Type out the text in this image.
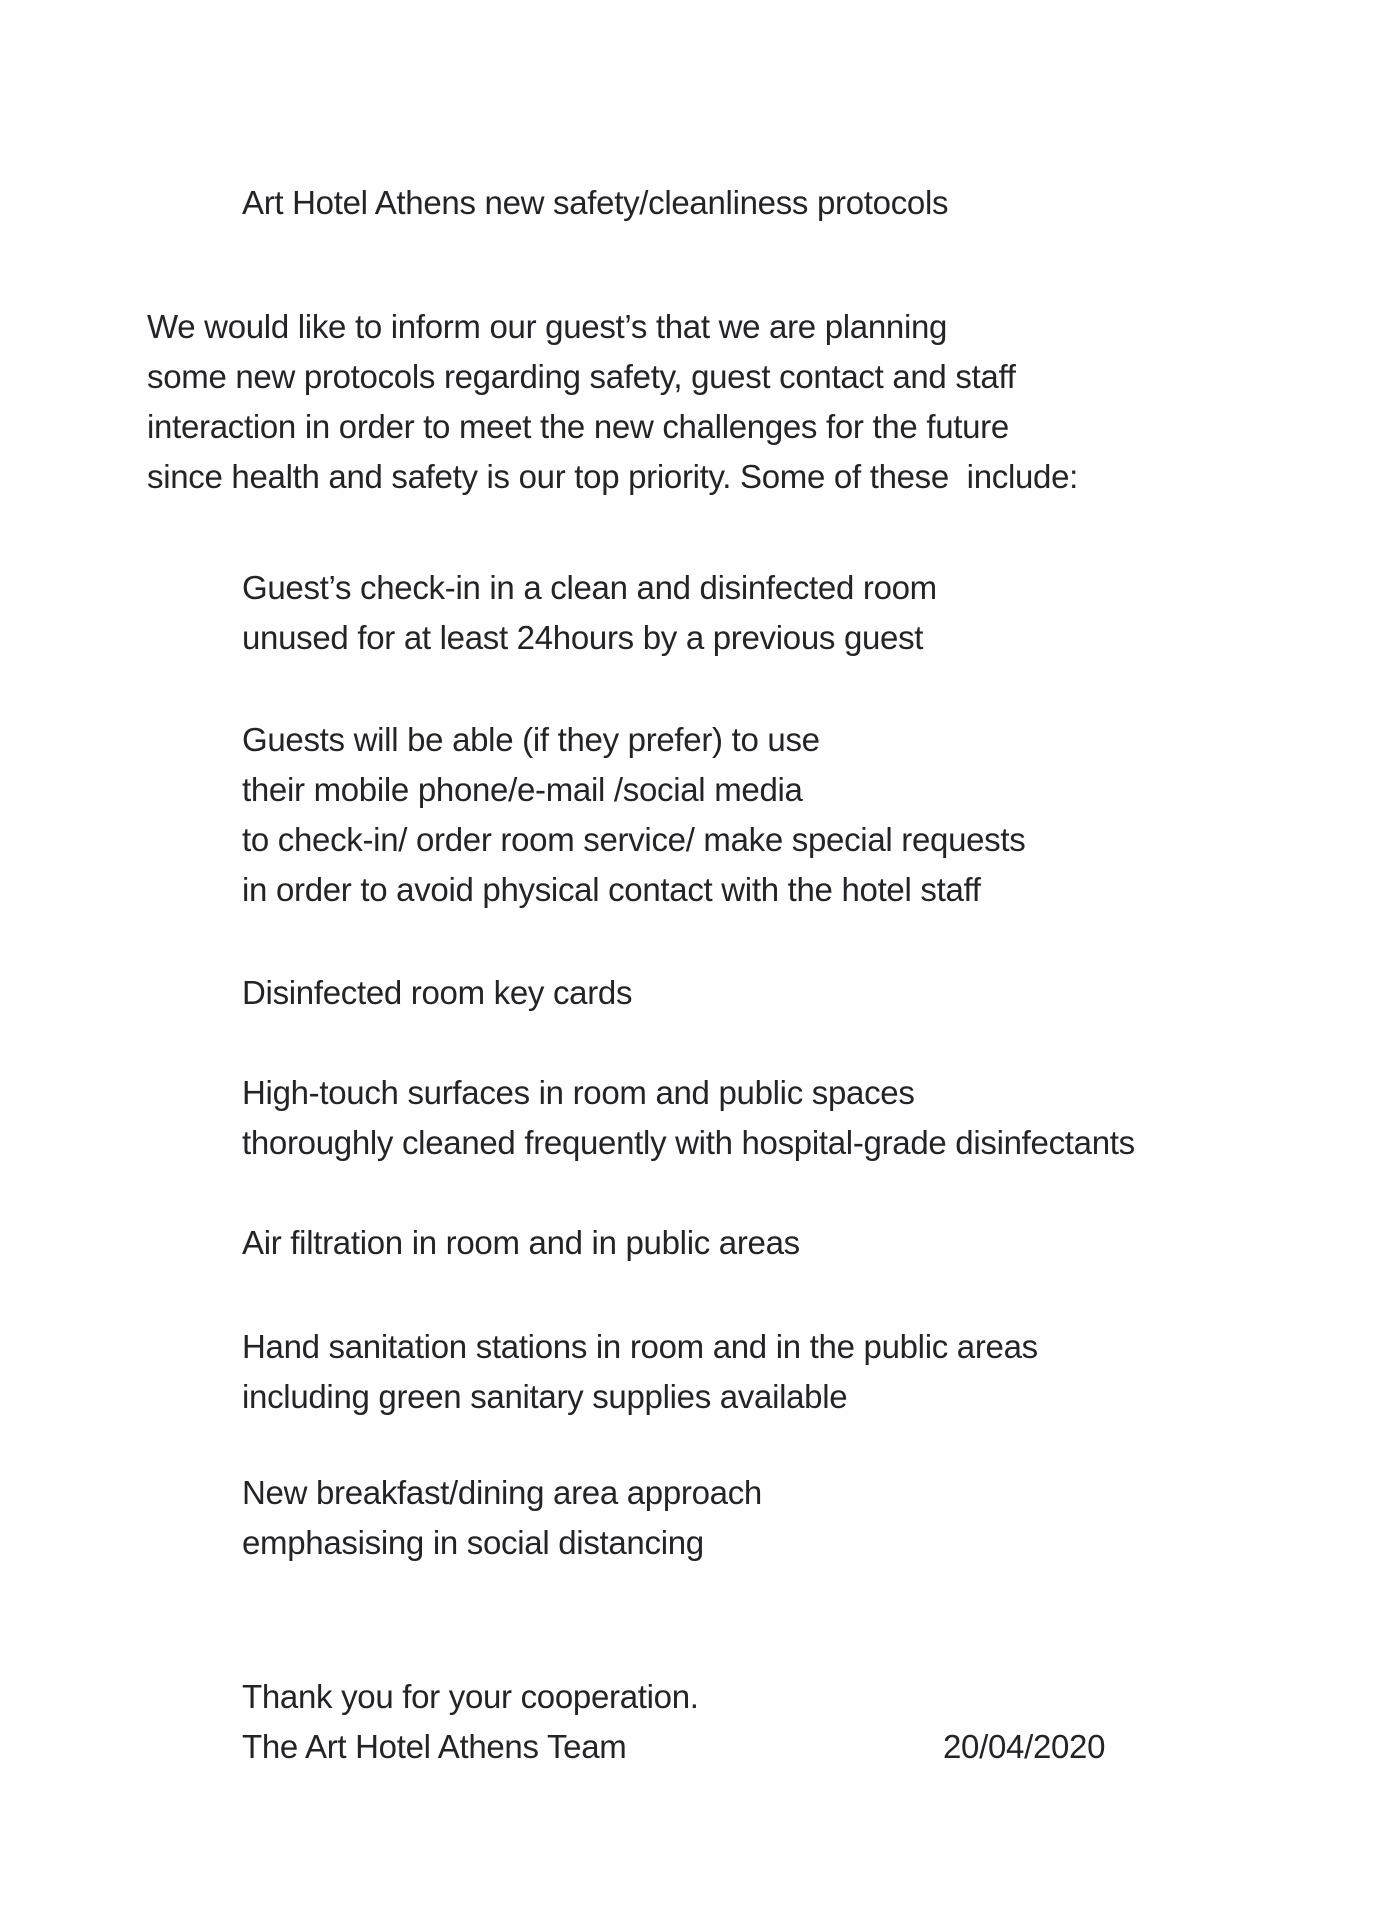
Art Hotel Athens new safety/cleanliness protocols
We would like to inform our guest’s that we are planning
some new protocols regarding safety, guest contact and staff
interaction in order to meet the new challenges for the future
since health and safety is our top priority. Some of these  include:
Guest’s check-in in a clean and disinfected room
unused for at least 24hours by a previous guest
Guests will be able (if they prefer) to use
their mobile phone/e-mail /social media
to check-in/ order room service/ make special requests
in order to avoid physical contact with the hotel staff
Disinfected room key cards
High-touch surfaces in room and public spaces
thoroughly cleaned frequently with hospital-grade disinfectants
Air filtration in room and in public areas
Hand sanitation stations in room and in the public areas
including green sanitary supplies available
New breakfast/dining area approach
emphasising in social distancing
Thank you for your cooperation.
The Art Hotel Athens Team	20/04/2020
